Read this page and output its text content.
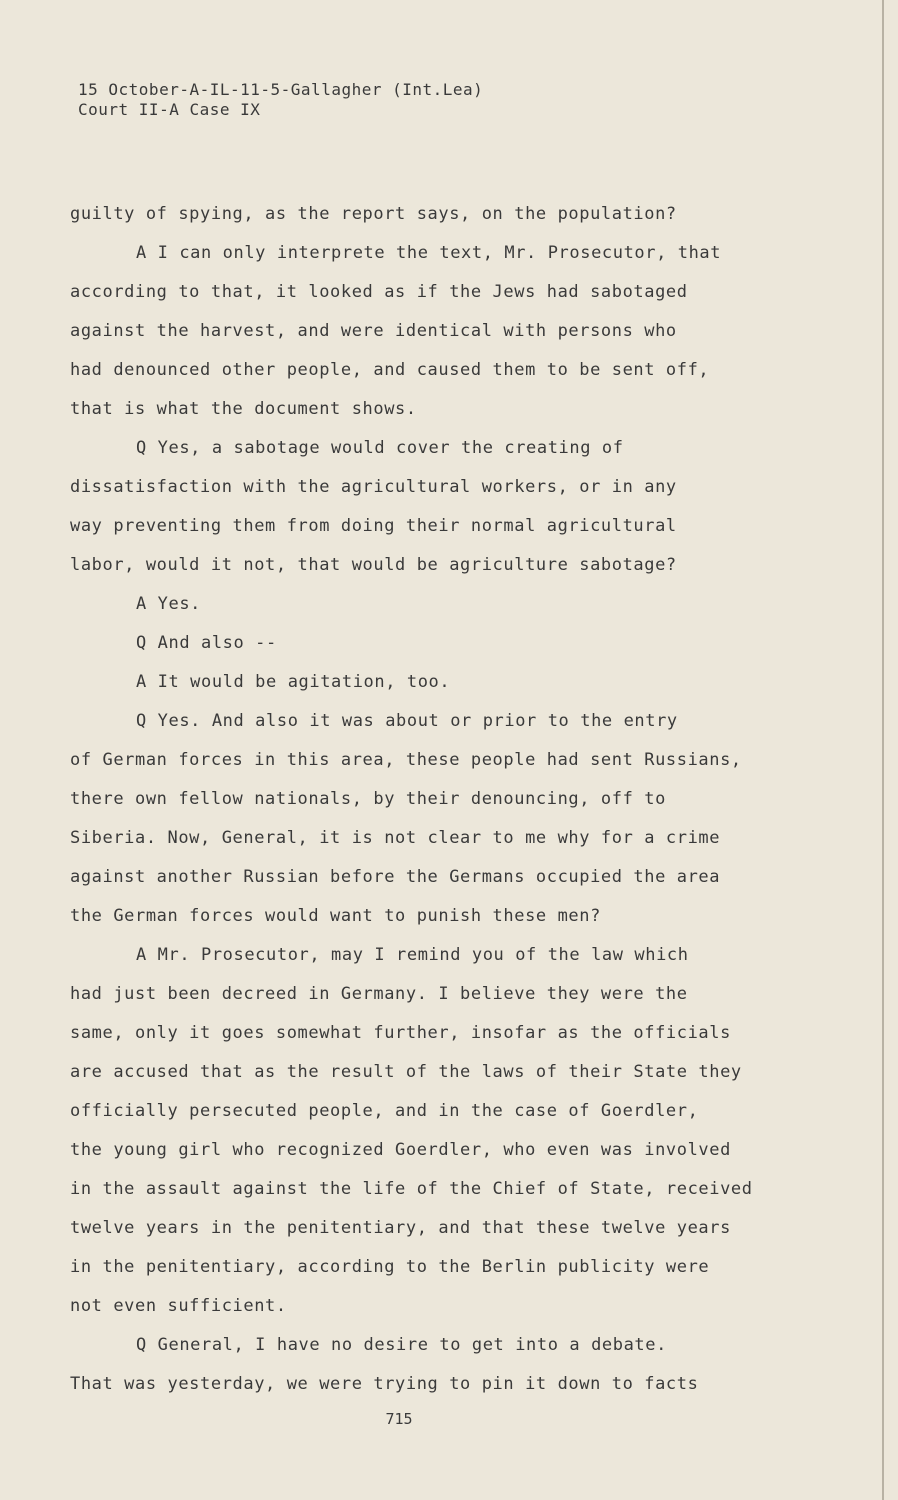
15 October-A-IL-11-5-Gallagher (Int.Lea)
Court II-A Case IX
guilty of spying, as the report says, on the population?
A I can only interprete the text, Mr. Prosecutor, that
according to that, it looked as if the Jews had sabotaged
against the harvest, and were identical with persons who
had denounced other people, and caused them to be sent off,
that is what the document shows.
Q Yes, a sabotage would cover the creating of
dissatisfaction with the agricultural workers, or in any
way preventing them from doing their normal agricultural
labor, would it not, that would be agriculture sabotage?
A Yes.
Q And also --
A It would be agitation, too.
Q Yes. And also it was about or prior to the entry
of German forces in this area, these people had sent Russians,
there own fellow nationals, by their denouncing, off to
Siberia. Now, General, it is not clear to me why for a crime
against another Russian before the Germans occupied the area
the German forces would want to punish these men?
A Mr. Prosecutor, may I remind you of the law which
had just been decreed in Germany. I believe they were the
same, only it goes somewhat further, insofar as the officials
are accused that as the result of the laws of their State they
officially persecuted people, and in the case of Goerdler,
the young girl who recognized Goerdler, who even was involved
in the assault against the life of the Chief of State, received
twelve years in the penitentiary, and that these twelve years
in the penitentiary, according to the Berlin publicity were
not even sufficient.
Q General, I have no desire to get into a debate.
That was yesterday, we were trying to pin it down to facts
715
